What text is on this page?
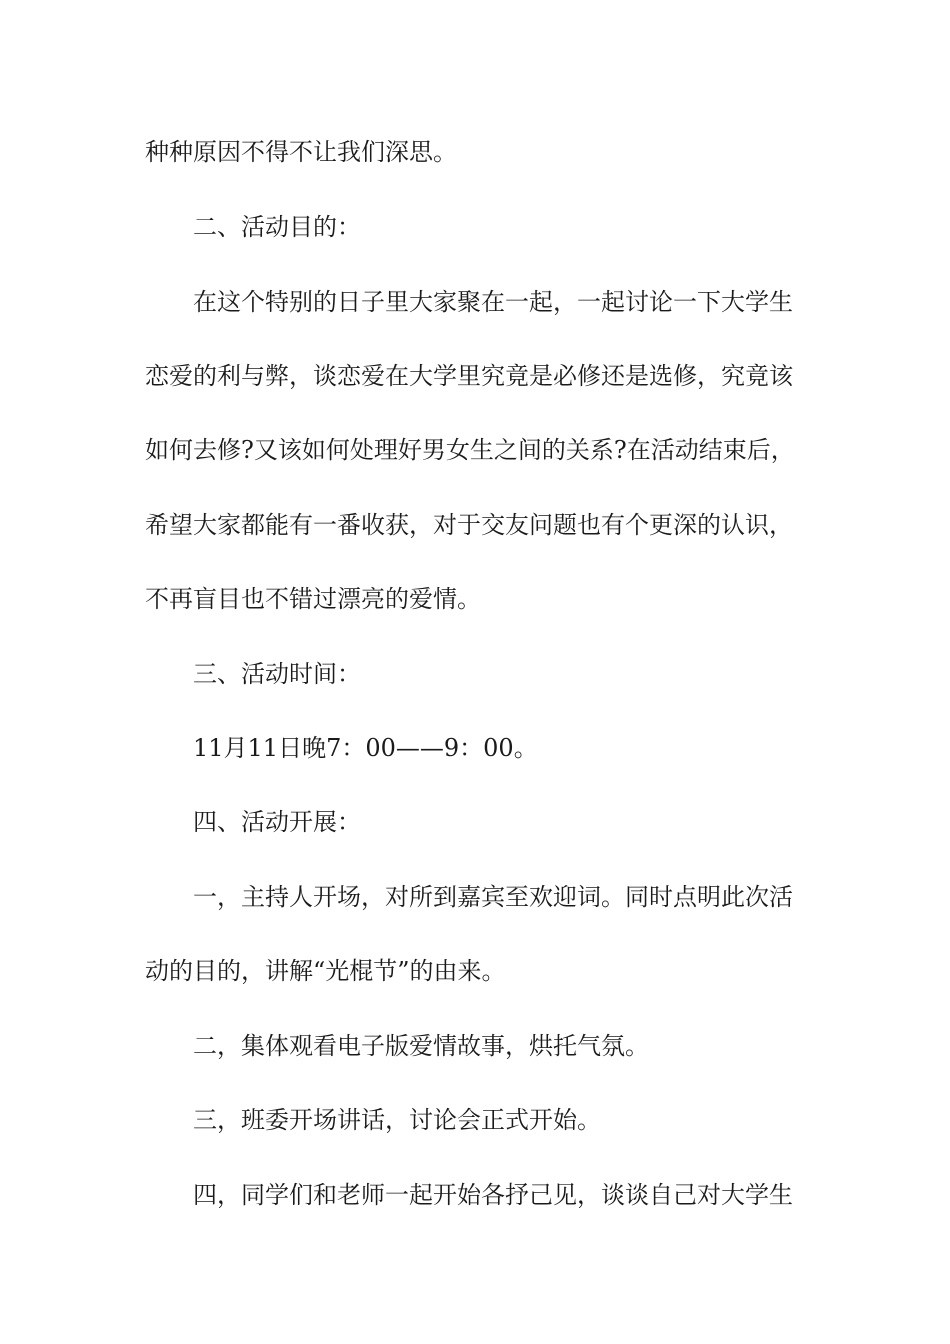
种种原因不得不让我们深思。

二、活动目的：

在这个特别的日子里大家聚在一起，一起讨论一下大学生

恋爱的利与弊，谈恋爱在大学里究竟是必修还是选修，究竟该

如何去修?又该如何处理好男女生之间的关系?在活动结束后，

希望大家都能有一番收获，对于交友问题也有个更深的认识，

不再盲目也不错过漂亮的爱情。

三、活动时间：

11月11日晚7：00——9：00。

四、活动开展：

一，主持人开场，对所到嘉宾至欢迎词。同时点明此次活

动的目的，讲解“光棍节”的由来。

二，集体观看电子版爱情故事，烘托气氛。

三，班委开场讲话，讨论会正式开始。

四，同学们和老师一起开始各抒己见，谈谈自己对大学生
